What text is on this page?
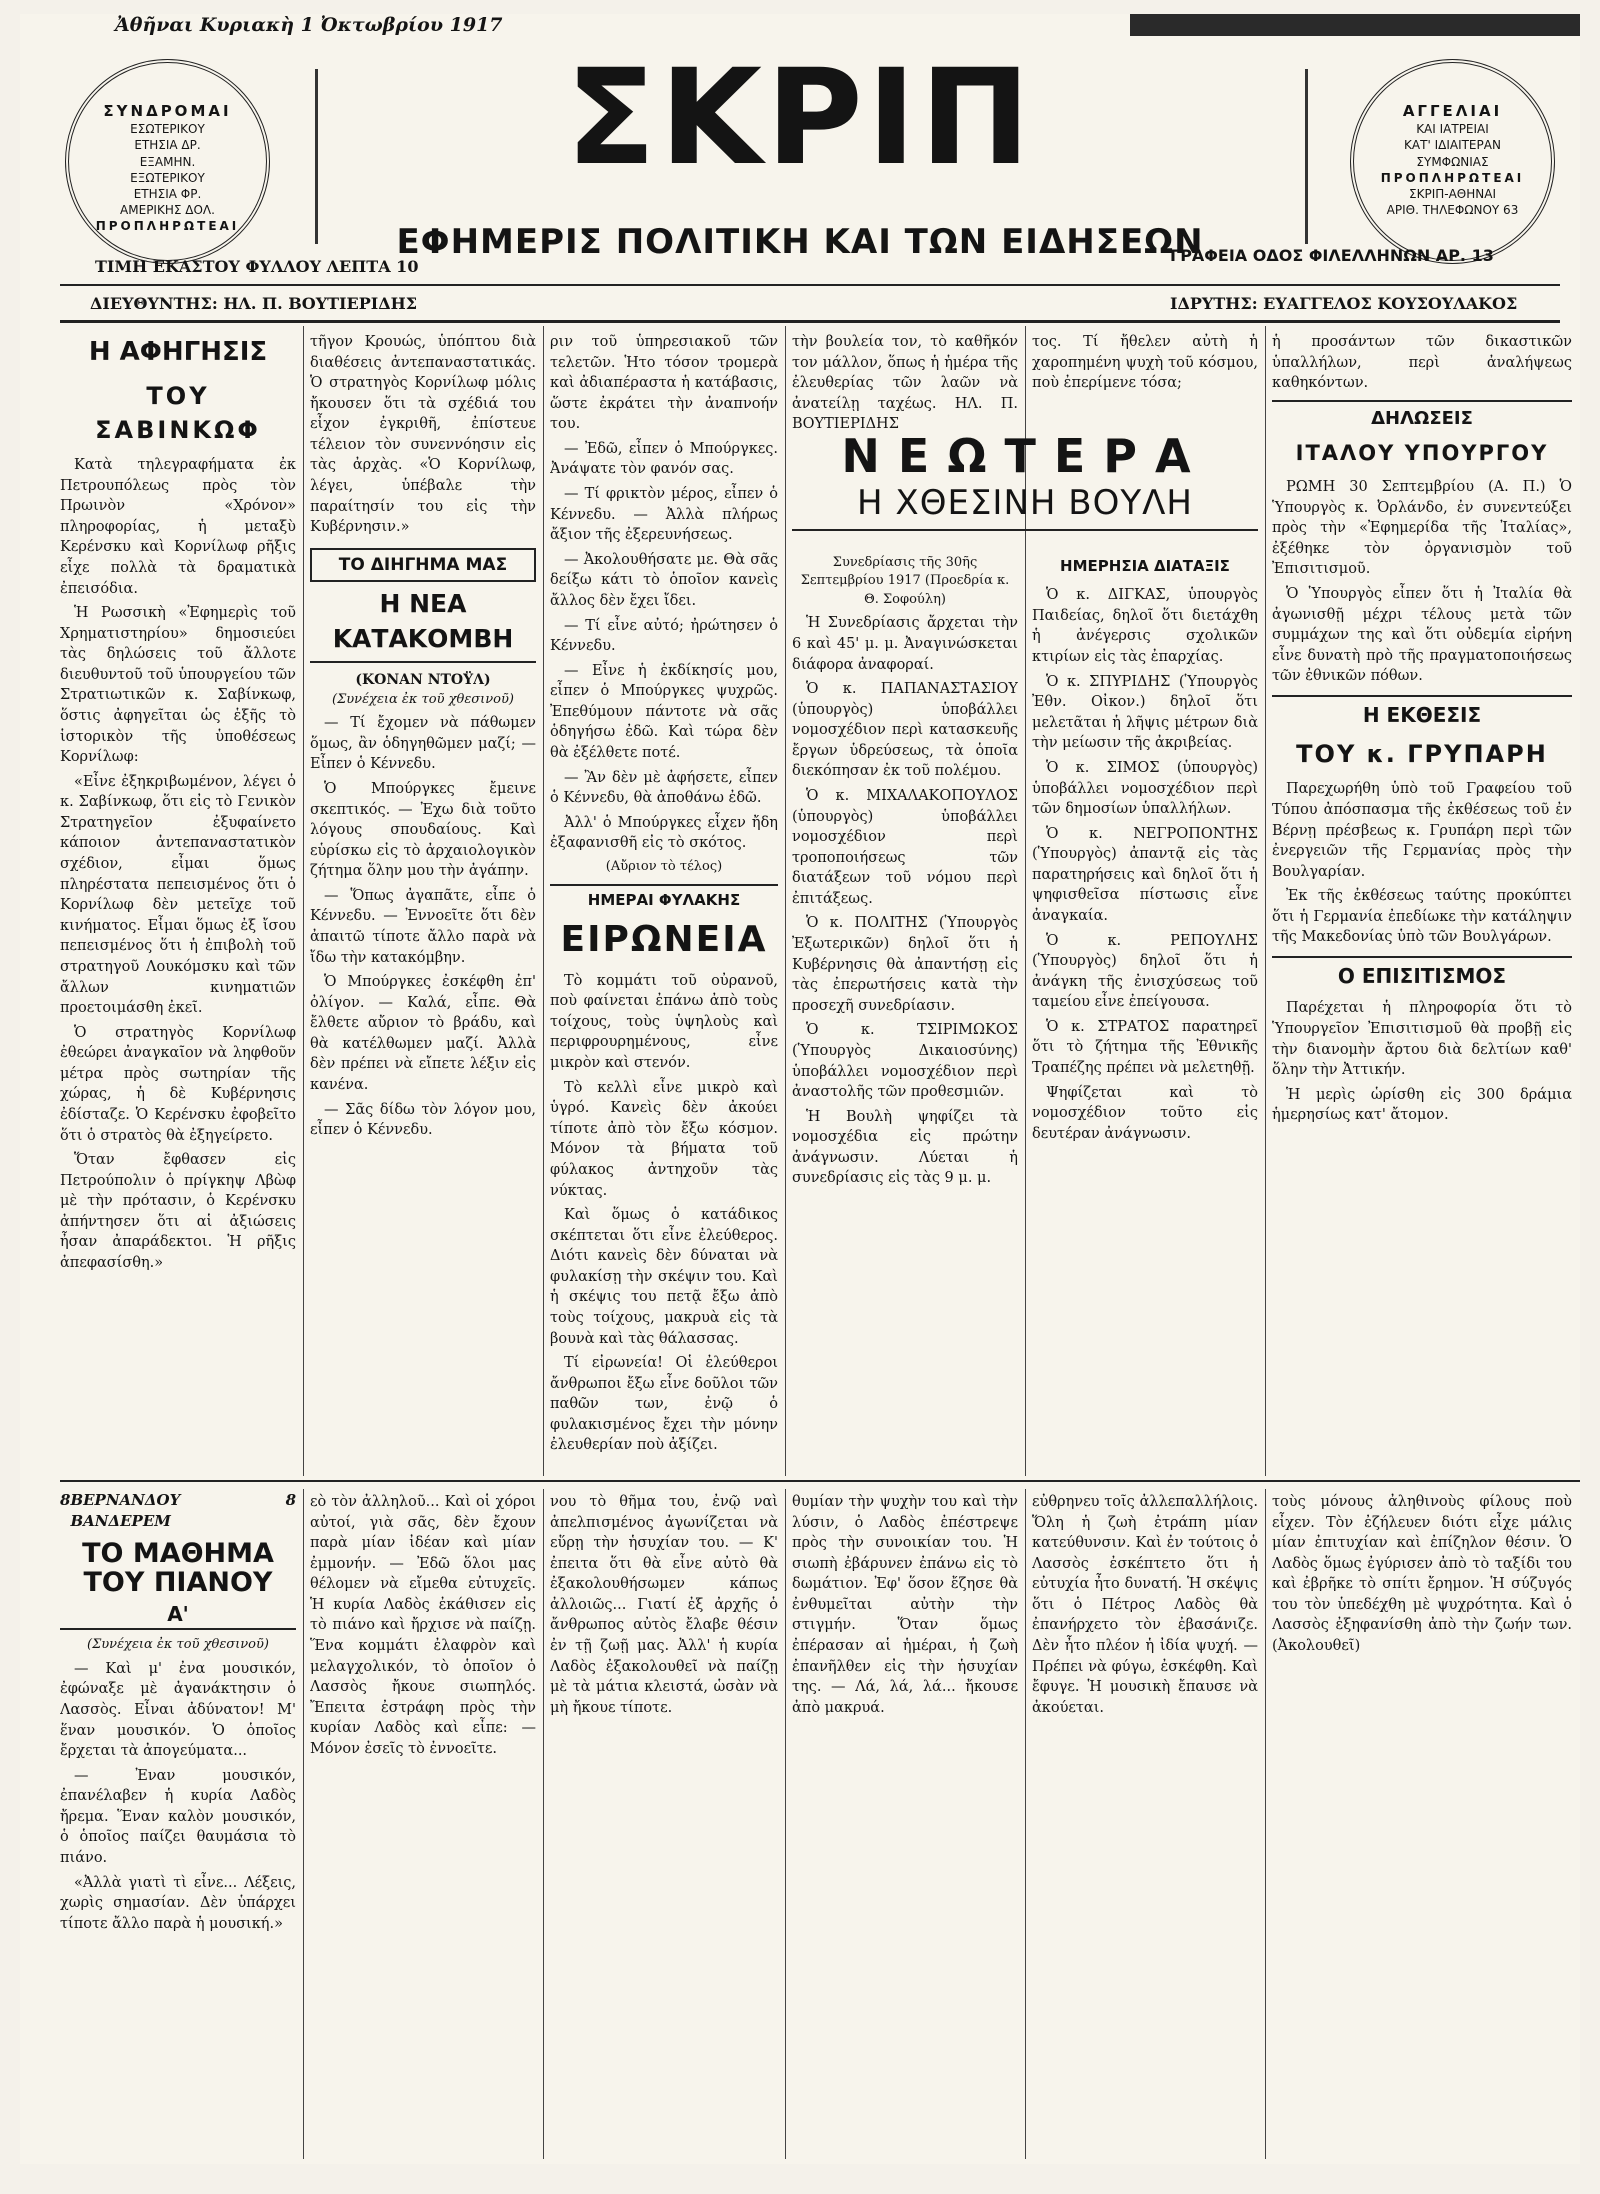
Ἀθῆναι Κυριακὴ 1 Ὀκτωβρίου 1917
ΣΥΝΔΡΟΜΑΙ
ΕΣΩΤΕΡΙΚΟΥ
ΕΤΗΣΙΑ ΔΡ.
ΕΞΑΜΗΝ.
ΕΞΩΤΕΡΙΚΟΥ
ΕΤΗΣΙΑ ΦΡ.
ΑΜΕΡΙΚΗΣ ΔΟΛ.
ΠΡΟΠΛΗΡΩΤΕΑΙ
ΣΚΡΙΠ
ΕΦΗΜΕΡΙΣ ΠΟΛΙΤΙΚΗ ΚΑΙ ΤΩΝ ΕΙΔΗΣΕΩΝ
ΑΓΓΕΛΙΑΙ
ΚΑΙ ΙΑΤΡΕΙΑΙ
ΚΑΤ' ΙΔΙΑΙΤΕΡΑΝ
ΣΥΜΦΩΝΙΑΣ
ΠΡΟΠΛΗΡΩΤΕΑΙ
ΣΚΡΙΠ-ΑΘΗΝΑΙ
ΑΡΙΘ. ΤΗΛΕΦΩΝΟΥ 63
ΤΙΜΗ ΕΚΑΣΤΟΥ ΦΥΛΛΟΥ ΛΕΠΤΑ 10
ΓΡΑΦΕΙΑ ΟΔΟΣ ΦΙΛΕΛΛΗΝΩΝ ΑΡ. 13
ΔΙΕΥΘΥΝΤΗΣ: ΗΛ. Π. ΒΟΥΤΙΕΡΙΔΗΣ	ΙΔΡΥΤΗΣ: ΕΥΑΓΓΕΛΟΣ ΚΟΥΣΟΥΛΑΚΟΣ
Η ΑΦΗΓΗΣΙΣ
ΤΟΥ ΣΑΒΙΝΚΩΦ

Κατὰ τηλεγραφήματα ἐκ Πετρουπόλεως πρὸς τὸν Πρωινὸν «Χρόνον» πληροφορίας, ἡ μεταξὺ Κερένσκυ καὶ Κορνίλωφ ρῆξις εἶχε πολλὰ τὰ δραματικὰ ἐπεισόδια.

Ἡ Ρωσσικὴ «Ἐφημερὶς τοῦ Χρηματιστηρίου» δημοσιεύει τὰς δηλώσεις τοῦ ἄλλοτε διευθυντοῦ τοῦ ὑπουργείου τῶν Στρατιωτικῶν κ. Σαβίνκωφ, ὅστις ἀφηγεῖται ὡς ἑξῆς τὸ ἱστορικὸν τῆς ὑποθέσεως Κορνίλωφ:

«Εἶνε ἐξηκριβωμένον, λέγει ὁ κ. Σαβίνκωφ, ὅτι εἰς τὸ Γενικὸν Στρατηγεῖον ἐξυφαίνετο κάποιον ἀντεπαναστατικὸν σχέδιον, εἶμαι ὅμως πληρέστατα πεπεισμένος ὅτι ὁ Κορνίλωφ δὲν μετεῖχε τοῦ κινήματος. Εἶμαι ὅμως ἐξ ἴσου πεπεισμένος ὅτι ἡ ἐπιβολὴ τοῦ στρατηγοῦ Λουκόμσκυ καὶ τῶν ἄλλων κινηματιῶν προετοιμάσθη ἐκεῖ.

Ὁ στρατηγὸς Κορνίλωφ ἐθεώρει ἀναγκαῖον νὰ ληφθοῦν μέτρα πρὸς σωτηρίαν τῆς χώρας, ἡ δὲ Κυβέρνησις ἐδίσταζε. Ὁ Κερένσκυ ἐφοβεῖτο ὅτι ὁ στρατὸς θὰ ἐξηγείρετο.

Ὅταν ἔφθασεν εἰς Πετρούπολιν ὁ πρίγκηψ Λβὼφ μὲ τὴν πρότασιν, ὁ Κερένσκυ ἀπήντησεν ὅτι αἱ ἀξιώσεις ἦσαν ἀπαράδεκτοι. Ἡ ρῆξις ἀπεφασίσθη.»

τῆγον Κρουώς, ὑπόπτου διὰ διαθέσεις ἀντεπαναστατικάς. Ὁ στρατηγὸς Κορνίλωφ μόλις ἤκουσεν ὅτι τὰ σχέδιά του εἶχον ἐγκριθῆ, ἐπίστευε τέλειον τὸν συνεννόησιν εἰς τὰς ἀρχὰς. «Ὁ Κορνίλωφ, λέγει, ὑπέβαλε τὴν παραίτησίν του εἰς τὴν Κυβέρνησιν.»

ΤΟ ΔΙΗΓΗΜΑ ΜΑΣ
Η ΝΕΑ ΚΑΤΑΚΟΜΒΗ
(ΚΟΝΑΝ ΝΤΟΫΛ)
(Συνέχεια ἐκ τοῦ χθεσινοῦ)

— Τί ἔχομεν νὰ πάθωμεν ὅμως, ἂν ὁδηγηθῶμεν μαζί; — Εἶπεν ὁ Κέννεδυ.

Ὁ Μπούργκες ἔμεινε σκεπτικός. — Ἐχω διὰ τοῦτο λόγους σπουδαίους. Καὶ εὑρίσκω εἰς τὸ ἀρχαιολογικὸν ζήτημα ὅλην μου τὴν ἀγάπην.

— Ὅπως ἀγαπᾶτε, εἶπε ὁ Κέννεδυ. — Ἐννοεῖτε ὅτι δὲν ἀπαιτῶ τίποτε ἄλλο παρὰ νὰ ἴδω τὴν κατακόμβην.

Ὁ Μπούργκες ἐσκέφθη ἐπ' ὀλίγον. — Καλά, εἶπε. Θὰ ἔλθετε αὔριον τὸ βράδυ, καὶ θὰ κατέλθωμεν μαζί. Ἀλλὰ δὲν πρέπει νὰ εἴπετε λέξιν εἰς κανένα.

— Σᾶς δίδω τὸν λόγον μου, εἶπεν ὁ Κέννεδυ.

ριν τοῦ ὑπηρεσιακοῦ τῶν τελετῶν. Ἡτο τόσον τρομερὰ καὶ ἀδιαπέραστα ἡ κατάβασις, ὥστε ἐκράτει τὴν ἀναπνοήν του.

— Ἐδῶ, εἶπεν ὁ Μπούργκες. Ἀνάψατε τὸν φανόν σας.

— Τί φρικτὸν μέρος, εἶπεν ὁ Κέννεδυ. — Ἀλλὰ πλήρως ἄξιον τῆς ἐξερευνήσεως.

— Ἀκολουθήσατε με. Θὰ σᾶς δείξω κάτι τὸ ὁποῖον κανεὶς ἄλλος δὲν ἔχει ἴδει.

— Τί εἶνε αὐτό; ἠρώτησεν ὁ Κέννεδυ.

— Εἶνε ἡ ἐκδίκησίς μου, εἶπεν ὁ Μπούργκες ψυχρῶς. Ἐπεθύμουν πάντοτε νὰ σᾶς ὁδηγήσω ἐδῶ. Καὶ τώρα δὲν θὰ ἐξέλθετε ποτέ.

— Ἂν δὲν μὲ ἀφήσετε, εἶπεν ὁ Κέννεδυ, θὰ ἀποθάνω ἐδῶ.

Ἀλλ' ὁ Μπούργκες εἶχεν ἤδη ἐξαφανισθῆ εἰς τὸ σκότος.

(Αὔριον τὸ τέλος)
ΗΜΕΡΑΙ ΦΥΛΑΚΗΣ
ΕΙΡΩΝΕΙΑ

Τὸ κομμάτι τοῦ οὐρανοῦ, ποὺ φαίνεται ἐπάνω ἀπὸ τοὺς τοίχους, τοὺς ὑψηλοὺς καὶ περιφρουρημένους, εἶνε μικρὸν καὶ στενόν.

Τὸ κελλὶ εἶνε μικρὸ καὶ ὑγρό. Κανεὶς δὲν ἀκούει τίποτε ἀπὸ τὸν ἔξω κόσμον. Μόνον τὰ βήματα τοῦ φύλακος ἀντηχοῦν τὰς νύκτας.

Καὶ ὅμως ὁ κατάδικος σκέπτεται ὅτι εἶνε ἐλεύθερος. Διότι κανεὶς δὲν δύναται νὰ φυλακίσῃ τὴν σκέψιν του. Καὶ ἡ σκέψις του πετᾷ ἔξω ἀπὸ τοὺς τοίχους, μακρυὰ εἰς τὰ βουνὰ καὶ τὰς θάλασσας.

Τί εἰρωνεία! Οἱ ἐλεύθεροι ἄνθρωποι ἔξω εἶνε δοῦλοι τῶν παθῶν των, ἐνῷ ὁ φυλακισμένος ἔχει τὴν μόνην ἐλευθερίαν ποὺ ἀξίζει.

τὴν βουλεία τον, τὸ καθῆκόν τον μάλλον, ὅπως ἡ ἡμέρα τῆς ἐλευθερίας τῶν λαῶν νὰ ἀνατείλῃ ταχέως. ΗΛ. Π. ΒΟΥΤΙΕΡΙΔΗΣ

ΝΕΩΤΕΡΑ
Η ΧΘΕΣΙΝΗ ΒΟΥΛΗ
Συνεδρίασις τῆς 30ῆς Σεπτεμβρίου 1917 (Προεδρία κ. Θ. Σοφούλη)

Ἡ Συνεδρίασις ἄρχεται τὴν 6 καὶ 45' μ. μ. Ἀναγινώσκεται διάφορα ἀναφοραί.

Ὁ κ. ΠΑΠΑΝΑΣΤΑΣΙΟΥ (ὑπουργὸς) ὑποβάλλει νομοσχέδιον περὶ κατασκευῆς ἔργων ὑδρεύσεως, τὰ ὁποῖα διεκόπησαν ἐκ τοῦ πολέμου.

Ὁ κ. ΜΙΧΑΛΑΚΟΠΟΥΛΟΣ (ὑπουργὸς) ὑποβάλλει νομοσχέδιον περὶ τροποποιήσεως τῶν διατάξεων τοῦ νόμου περὶ ἐπιτάξεως.

Ὁ κ. ΠΟΛΙΤΗΣ (Ὑπουργὸς Ἐξωτερικῶν) δηλοῖ ὅτι ἡ Κυβέρνησις θὰ ἀπαντήσῃ εἰς τὰς ἐπερωτήσεις κατὰ τὴν προσεχῆ συνεδρίασιν.

Ὁ κ. ΤΣΙΡΙΜΩΚΟΣ (Ὑπουργὸς Δικαιοσύνης) ὑποβάλλει νομοσχέδιον περὶ ἀναστολῆς τῶν προθεσμιῶν.

Ἡ Βουλὴ ψηφίζει τὰ νομοσχέδια εἰς πρώτην ἀνάγνωσιν. Λύεται ἡ συνεδρίασις εἰς τὰς 9 μ. μ.

τος. Τί ἤθελεν αὐτὴ ἡ χαροπημένη ψυχὴ τοῦ κόσμου, ποὺ ἐπερίμενε τόσα;

ΗΜΕΡΗΣΙΑ ΔΙΑΤΑΞΙΣ

Ὁ κ. ΔΙΓΚΑΣ, ὑπουργὸς Παιδείας, δηλοῖ ὅτι διετάχθη ἡ ἀνέγερσις σχολικῶν κτιρίων εἰς τὰς ἐπαρχίας.

Ὁ κ. ΣΠΥΡΙΔΗΣ (Ὑπουργὸς Ἐθν. Οἰκον.) δηλοῖ ὅτι μελετᾶται ἡ λῆψις μέτρων διὰ τὴν μείωσιν τῆς ἀκριβείας.

Ὁ κ. ΣΙΜΟΣ (ὑπουργὸς) ὑποβάλλει νομοσχέδιον περὶ τῶν δημοσίων ὑπαλλήλων.

Ὁ κ. ΝΕΓΡΟΠΟΝΤΗΣ (Ὑπουργὸς) ἀπαντᾷ εἰς τὰς παρατηρήσεις καὶ δηλοῖ ὅτι ἡ ψηφισθεῖσα πίστωσις εἶνε ἀναγκαία.

Ὁ κ. ΡΕΠΟΥΛΗΣ (Ὑπουργὸς) δηλοῖ ὅτι ἡ ἀνάγκη τῆς ἐνισχύσεως τοῦ ταμείου εἶνε ἐπείγουσα.

Ὁ κ. ΣΤΡΑΤΟΣ παρατηρεῖ ὅτι τὸ ζήτημα τῆς Ἐθνικῆς Τραπέζης πρέπει νὰ μελετηθῇ.

Ψηφίζεται καὶ τὸ νομοσχέδιον τοῦτο εἰς δευτέραν ἀνάγνωσιν.

ἡ προσάντων τῶν δικαστικῶν ὑπαλλήλων, περὶ ἀναλήψεως καθηκόντων.

ΔΗΛΩΣΕΙΣ
ΙΤΑΛΟΥ ΥΠΟΥΡΓΟΥ

ΡΩΜΗ 30 Σεπτεμβρίου (Α. Π.) Ὁ Ὑπουργὸς κ. Ὀρλάνδο, ἐν συνεντεύξει πρὸς τὴν «Ἐφημερίδα τῆς Ἰταλίας», ἐξέθηκε τὸν ὀργανισμὸν τοῦ Ἐπισιτισμοῦ.

Ὁ Ὑπουργὸς εἶπεν ὅτι ἡ Ἰταλία θὰ ἀγωνισθῇ μέχρι τέλους μετὰ τῶν συμμάχων της καὶ ὅτι οὐδεμία εἰρήνη εἶνε δυνατὴ πρὸ τῆς πραγματοποιήσεως τῶν ἐθνικῶν πόθων.

Η ΕΚΘΕΣΙΣ
ΤΟΥ κ. ΓΡΥΠΑΡΗ

Παρεχωρήθη ὑπὸ τοῦ Γραφείου τοῦ Τύπου ἀπόσπασμα τῆς ἐκθέσεως τοῦ ἐν Βέρνῃ πρέσβεως κ. Γρυπάρη περὶ τῶν ἐνεργειῶν τῆς Γερμανίας πρὸς τὴν Βουλγαρίαν.

Ἐκ τῆς ἐκθέσεως ταύτης προκύπτει ὅτι ἡ Γερμανία ἐπεδίωκε τὴν κατάληψιν τῆς Μακεδονίας ὑπὸ τῶν Βουλγάρων.

Ο ΕΠΙΣΙΤΙΣΜΟΣ

Παρέχεται ἡ πληροφορία ὅτι τὸ Ὑπουργεῖον Ἐπισιτισμοῦ θὰ προβῇ εἰς τὴν διανομὴν ἄρτου διὰ δελτίων καθ' ὅλην τὴν Ἀττικήν.

Ἡ μερὶς ὡρίσθη εἰς 300 δράμια ἡμερησίως κατ' ἄτομον.

8 ΒΕΡΝΑΝΔΟΥ ΒΑΝΔΕΡΕΜ
8
ΤΟ ΜΑΘΗΜΑ ΤΟΥ ΠΙΑΝΟΥ
Α'
(Συνέχεια ἐκ τοῦ χθεσινοῦ)

— Καὶ μ' ἐνα μουσικόν, ἐφώναξε μὲ ἀγανάκτησιν ὁ Λασσὸς. Εἶναι ἀδύνατον! Μ' ἕναν μουσικόν. Ὁ ὁποῖος ἔρχεται τὰ ἀπογεύματα...

— Ἐναν μουσικόν, ἐπανέλαβεν ἡ κυρία Λαδὸς ἤρεμα. Ἕναν καλὸν μουσικόν, ὁ ὁποῖος παίζει θαυμάσια τὸ πιάνο.

«Ἀλλὰ γιατὶ τὶ εἶνε... Λέξεις, χωρὶς σημασίαν. Δὲν ὑπάρχει τίποτε ἄλλο παρὰ ἡ μουσική.»

εὸ τὸν ἀλληλοῦ... Καὶ οἱ χόροι αὐτοί, γιὰ σᾶς, δὲν ἔχουν παρὰ μίαν ἰδέαν καὶ μίαν ἐμμονήν. — Ἐδῶ ὅλοι μας θέλομεν νὰ εἴμεθα εὐτυχεῖς. Ἡ κυρία Λαδὸς ἐκάθισεν εἰς τὸ πιάνο καὶ ἤρχισε νὰ παίζῃ. Ἕνα κομμάτι ἐλαφρὸν καὶ μελαγχολικόν, τὸ ὁποῖον ὁ Λασσὸς ἤκουε σιωπηλός. Ἔπειτα ἐστράφη πρὸς τὴν κυρίαν Λαδὸς καὶ εἶπε: — Μόνον ἐσεῖς τὸ ἐννοεῖτε.

νου τὸ θῆμα του, ἐνῷ ναὶ ἀπελπισμένος ἀγωνίζεται νὰ εὕρῃ τὴν ἡσυχίαν του. — Κ' ἐπειτα ὅτι θὰ εἶνε αὐτὸ θὰ ἐξακολουθήσωμεν κάπως ἀλλοιῶς... Γιατί ἐξ ἀρχῆς ὁ ἄνθρωπος αὐτὸς ἔλαβε θέσιν ἐν τῇ ζωῇ μας. Ἀλλ' ἡ κυρία Λαδὸς ἐξακολουθεῖ νὰ παίζῃ μὲ τὰ μάτια κλειστά, ὡσὰν νὰ μὴ ἤκουε τίποτε.

θυμίαν τὴν ψυχὴν του καὶ τὴν λύσιν, ὁ Λαδὸς ἐπέστρεψε πρὸς τὴν συνοικίαν του. Ἡ σιωπὴ ἐβάρυνεν ἐπάνω εἰς τὸ δωμάτιον. Ἐφ' ὅσον ἔζησε θὰ ἐνθυμεῖται αὐτὴν τὴν στιγμήν. Ὅταν ὅμως ἐπέρασαν αἱ ἡμέραι, ἡ ζωὴ ἐπανῆλθεν εἰς τὴν ἡσυχίαν της. — Λά, λά, λά... ἤκουσε ἀπὸ μακρυά.

εὐθρηνευ τοῖς ἀλλεπαλλήλοις. Ὅλη ἡ ζωὴ ἐτράπη μίαν κατεύθυνσιν. Καὶ ἐν τούτοις ὁ Λασσὸς ἐσκέπτετο ὅτι ἡ εὐτυχία ἦτο δυνατή. Ἡ σκέψις ὅτι ὁ Πέτρος Λαδὸς θὰ ἐπανήρχετο τὸν ἐβασάνιζε. Δὲν ἦτο πλέον ἡ ἰδία ψυχή. — Πρέπει νὰ φύγω, ἐσκέφθη. Καὶ ἔφυγε. Ἡ μουσικὴ ἔπαυσε νὰ ἀκούεται.

τοὺς μόνους ἀληθινοὺς φίλους ποὺ εἶχεν. Τὸν ἐζήλευεν διότι εἶχε μάλις μίαν ἐπιτυχίαν καὶ ἐπίζηλον θέσιν. Ὁ Λαδὸς ὅμως ἐγύρισεν ἀπὸ τὸ ταξίδι του καὶ ἐβρῆκε τὸ σπίτι ἔρημον. Ἡ σύζυγός του τὸν ὑπεδέχθη μὲ ψυχρότητα. Καὶ ὁ Λασσὸς ἐξηφανίσθη ἀπὸ τὴν ζωήν των. (Ἀκολουθεῖ)
